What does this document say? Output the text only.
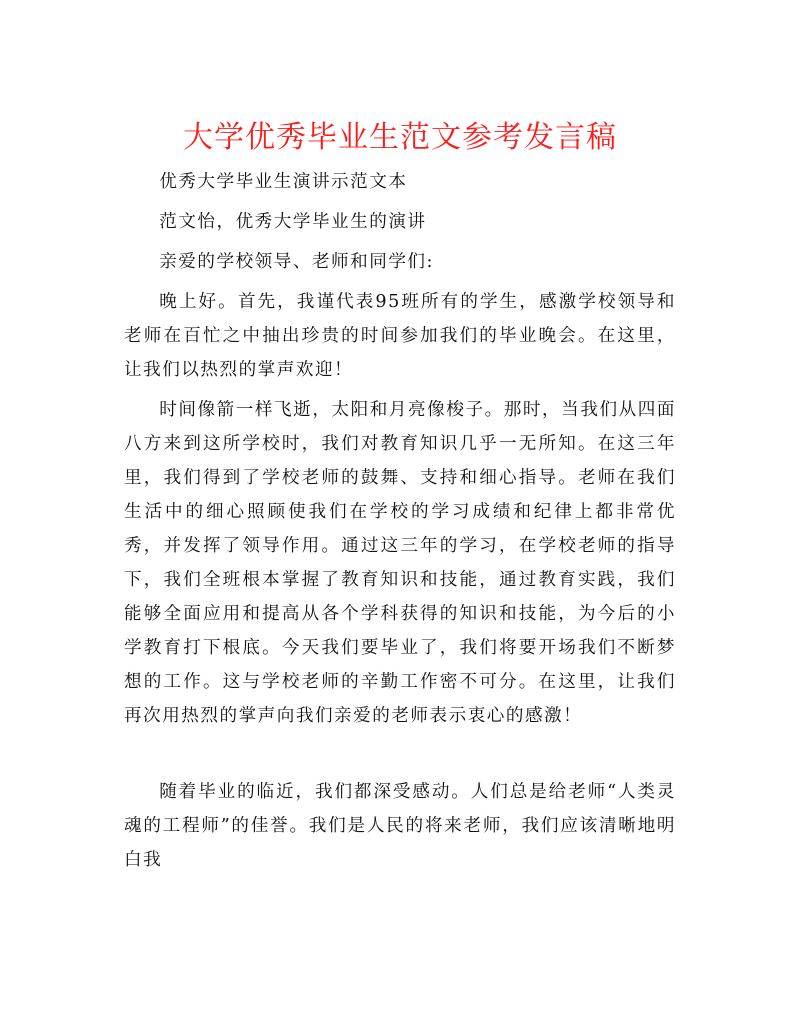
大学优秀毕业生范文参考发言稿

优秀大学毕业生演讲示范文本

范文怡，优秀大学毕业生的演讲

亲爱的学校领导、老师和同学们:

晚上好。首先，我谨代表95班所有的学生，感激学校领导和老师在百忙之中抽出珍贵的时间参加我们的毕业晚会。在这里，让我们以热烈的掌声欢迎！

时间像箭一样飞逝，太阳和月亮像梭子。那时，当我们从四面八方来到这所学校时，我们对教育知识几乎一无所知。在这三年里，我们得到了学校老师的鼓舞、支持和细心指导。老师在我们生活中的细心照顾使我们在学校的学习成绩和纪律上都非常优秀，并发挥了领导作用。通过这三年的学习，在学校老师的指导下，我们全班根本掌握了教育知识和技能，通过教育实践，我们能够全面应用和提高从各个学科获得的知识和技能，为今后的小学教育打下根底。今天我们要毕业了，我们将要开场我们不断梦想的工作。这与学校老师的辛勤工作密不可分。在这里，让我们再次用热烈的掌声向我们亲爱的老师表示衷心的感激！

随着毕业的临近，我们都深受感动。人们总是给老师“人类灵魂的工程师”的佳誉。我们是人民的将来老师，我们应该清晰地明白我
